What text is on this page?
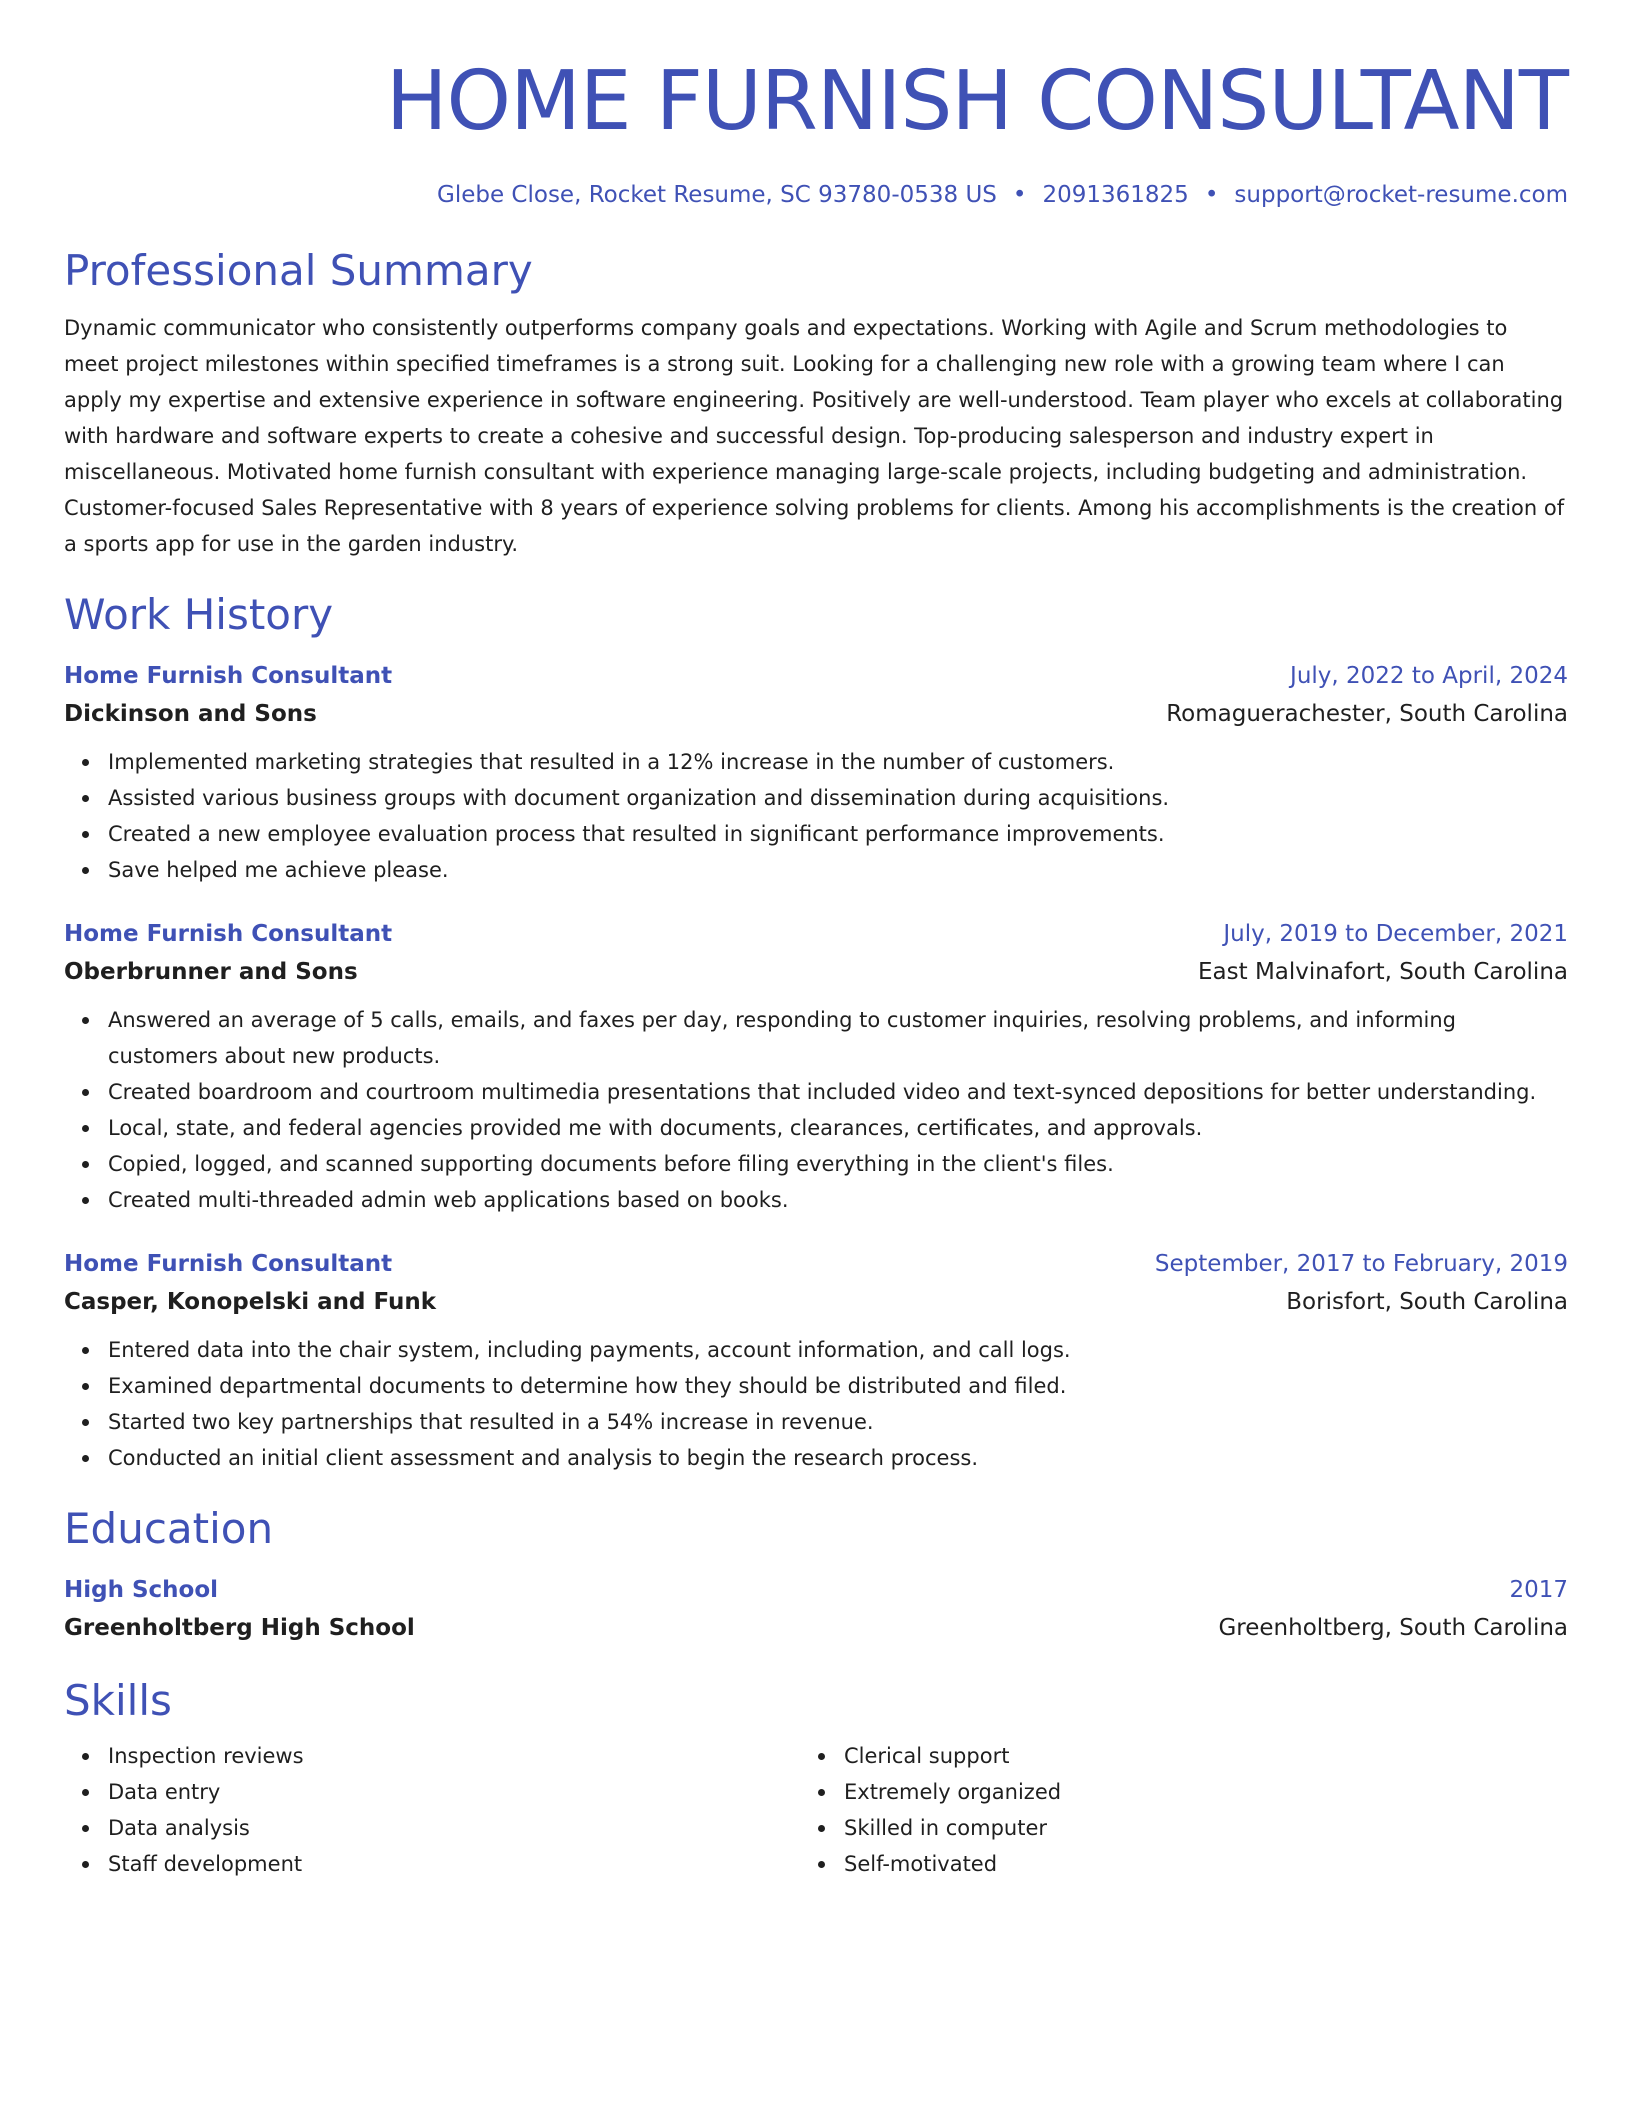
HOME FURNISH CONSULTANT
Glebe Close, Rocket Resume, SC 93780-0538 US • 2091361825 • support@rocket-resume.com
Professional Summary
Dynamic communicator who consistently outperforms company goals and expectations. Working with Agile and Scrum methodologies to meet project milestones within specified timeframes is a strong suit. Looking for a challenging new role with a growing team where I can apply my expertise and extensive experience in software engineering. Positively are well-understood. Team player who excels at collaborating with hardware and software experts to create a cohesive and successful design. Top-producing salesperson and industry expert in miscellaneous. Motivated home furnish consultant with experience managing large-scale projects, including budgeting and administration. Customer-focused Sales Representative with 8 years of experience solving problems for clients. Among his accomplishments is the creation of a sports app for use in the garden industry.
Work History
Home Furnish Consultant	July, 2022 to April, 2024
Dickinson and Sons	Romaguerachester, South Carolina
Implemented marketing strategies that resulted in a 12% increase in the number of customers.
Assisted various business groups with document organization and dissemination during acquisitions.
Created a new employee evaluation process that resulted in significant performance improvements.
Save helped me achieve please.
Home Furnish Consultant	July, 2019 to December, 2021
Oberbrunner and Sons	East Malvinafort, South Carolina
Answered an average of 5 calls, emails, and faxes per day, responding to customer inquiries, resolving problems, and informing customers about new products.
Created boardroom and courtroom multimedia presentations that included video and text-synced depositions for better understanding.
Local, state, and federal agencies provided me with documents, clearances, certificates, and approvals.
Copied, logged, and scanned supporting documents before filing everything in the client's files.
Created multi-threaded admin web applications based on books.
Home Furnish Consultant	September, 2017 to February, 2019
Casper, Konopelski and Funk	Borisfort, South Carolina
Entered data into the chair system, including payments, account information, and call logs.
Examined departmental documents to determine how they should be distributed and filed.
Started two key partnerships that resulted in a 54% increase in revenue.
Conducted an initial client assessment and analysis to begin the research process.
Education
High School	2017
Greenholtberg High School	Greenholtberg, South Carolina
Skills
Inspection reviews
Data entry
Data analysis
Staff development
Clerical support
Extremely organized
Skilled in computer
Self-motivated
